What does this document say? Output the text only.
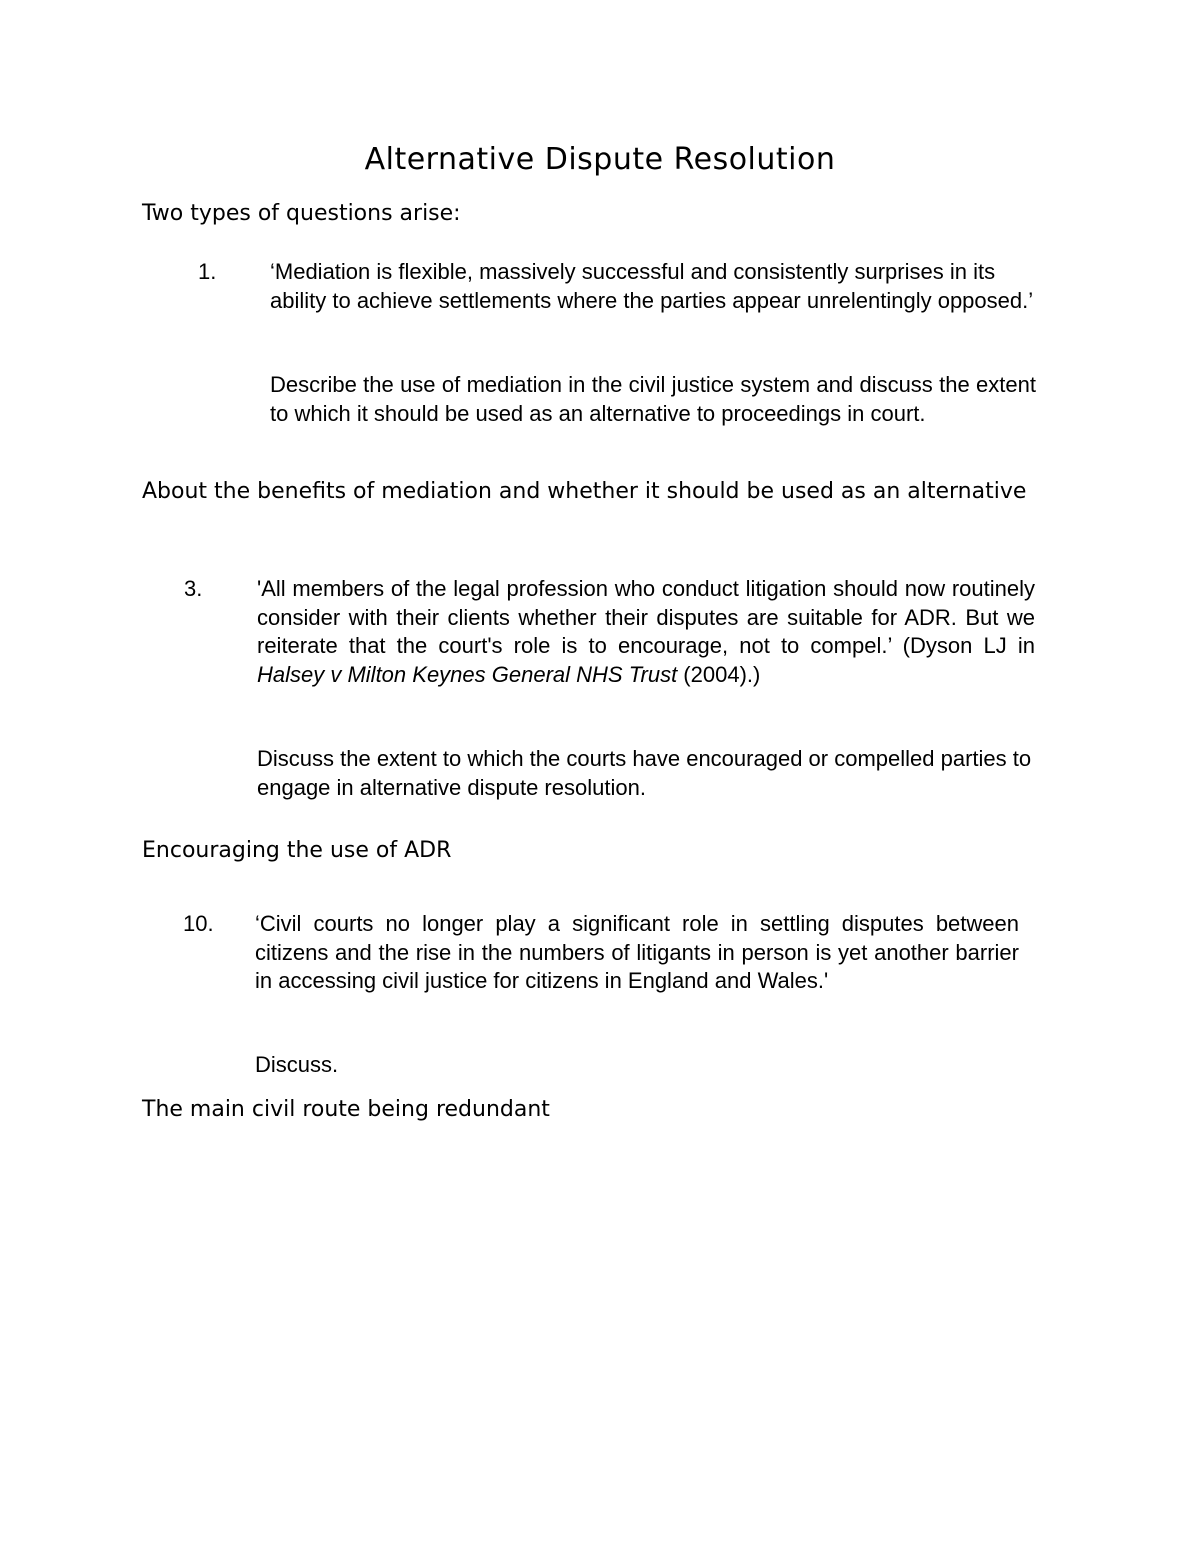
Alternative Dispute Resolution
Two types of questions arise:
1. ‘Mediation is flexible, massively successful and consistently surprises in its ability to achieve settlements where the parties appear unrelentingly opposed.’

Describe the use of mediation in the civil justice system and discuss the extent to which it should be used as an alternative to proceedings in court.

About the benefits of mediation and whether it should be used as an alternative
3. 'All members of the legal profession who conduct litigation should now routinely consider with their clients whether their disputes are suitable for ADR. But we reiterate that the court's role is to encourage, not to compel.’ (Dyson LJ in Halsey v Milton Keynes General NHS Trust (2004).)

Discuss the extent to which the courts have encouraged or compelled parties to engage in alternative dispute resolution.

Encouraging the use of ADR
10. ‘Civil courts no longer play a significant role in settling disputes between citizens and the rise in the numbers of litigants in person is yet another barrier in accessing civil justice for citizens in England and Wales.'

Discuss.

The main civil route being redundant
